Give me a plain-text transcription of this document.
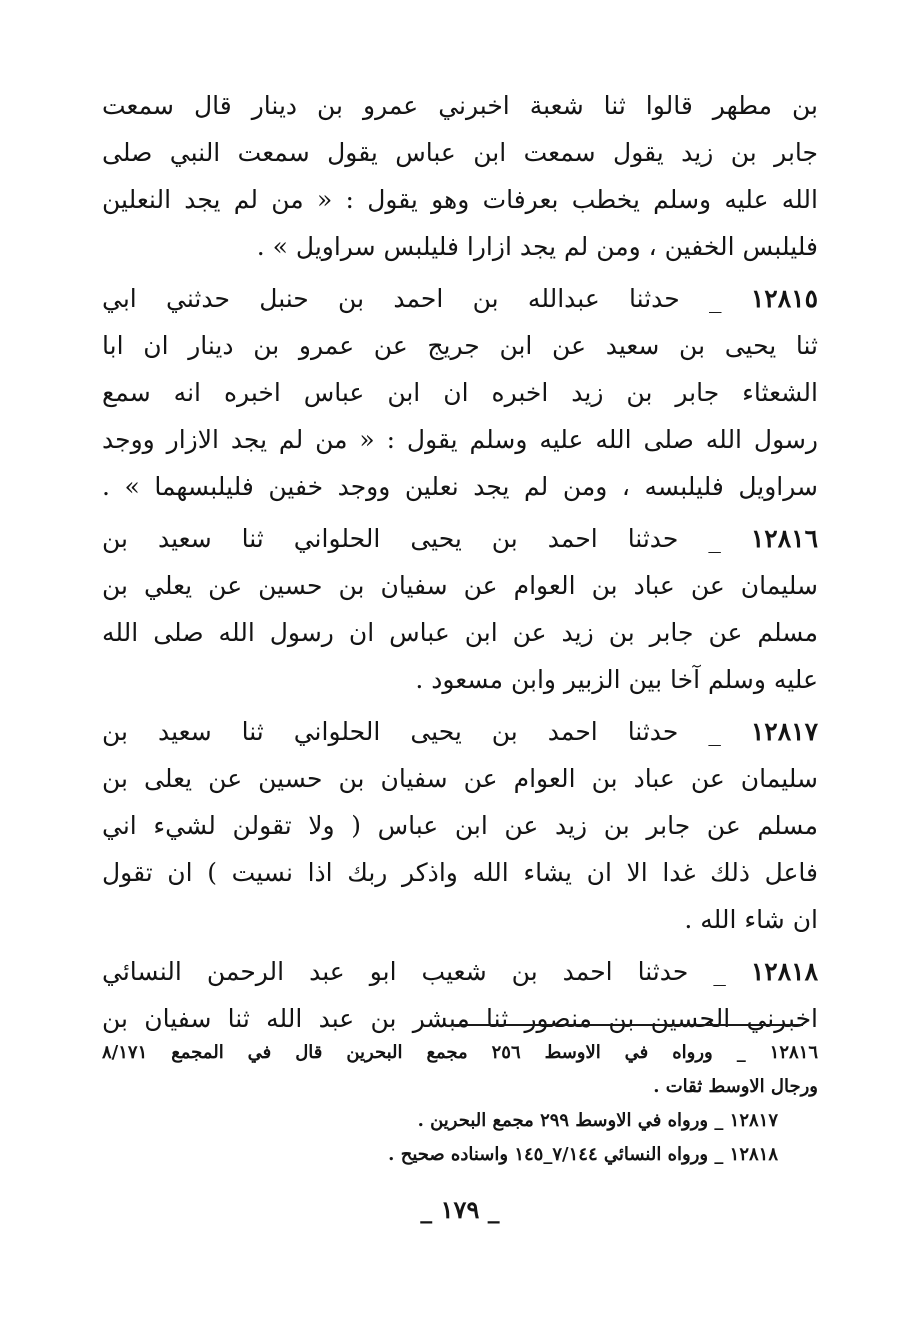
بن مطهر قالوا ثنا شعبة اخبرني عمرو بن دينار قال سمعت
جابر بن زيد يقول سمعت ابن عباس يقول سمعت النبي صلى
الله عليه وسلم يخطب بعرفات وهو يقول : « من لم يجد النعلين
فليلبس الخفين ، ومن لم يجد ازارا فليلبس سراويل » .
١٢٨١٥ _ حدثنا عبدالله بن احمد بن حنبل حدثني ابي
ثنا يحيى بن سعيد عن ابن جريج عن عمرو بن دينار ان ابا
الشعثاء جابر بن زيد اخبره ان ابن عباس اخبره انه سمع
رسول الله صلى الله عليه وسلم يقول : « من لم يجد الازار ووجد
سراويل فليلبسه ، ومن لم يجد نعلين ووجد خفين فليلبسهما » .
١٢٨١٦ _ حدثنا احمد بن يحيى الحلواني ثنا سعيد بن
سليمان عن عباد بن العوام عن سفيان بن حسين عن يعلي بن
مسلم عن جابر بن زيد عن ابن عباس ان رسول الله صلى الله
عليه وسلم آخا بين الزبير وابن مسعود .
١٢٨١٧ _ حدثنا احمد بن يحيى الحلواني ثنا سعيد بن
سليمان عن عباد بن العوام عن سفيان بن حسين عن يعلى بن
مسلم عن جابر بن زيد عن ابن عباس ( ولا تقولن لشيء اني
فاعل ذلك غدا الا ان يشاء الله واذكر ربك اذا نسيت ) ان تقول
ان شاء الله .
١٢٨١٨ _ حدثنا احمد بن شعيب ابو عبد الرحمن النسائي
اخبرني الحسين بن منصور ثنا مبشر بن عبد الله ثنا سفيان بن
١٢٨١٦ _ ورواه في الاوسط ٢٥٦ مجمع البحرين قال في المجمع ٨/١٧١
ورجال الاوسط ثقات .
١٢٨١٧ _ ورواه في الاوسط ٢٩٩ مجمع البحرين .
١٢٨١٨ _ ورواه النسائي ٧/١٤٤_١٤٥ واسناده صحيح .
_ ١٧٩ _
